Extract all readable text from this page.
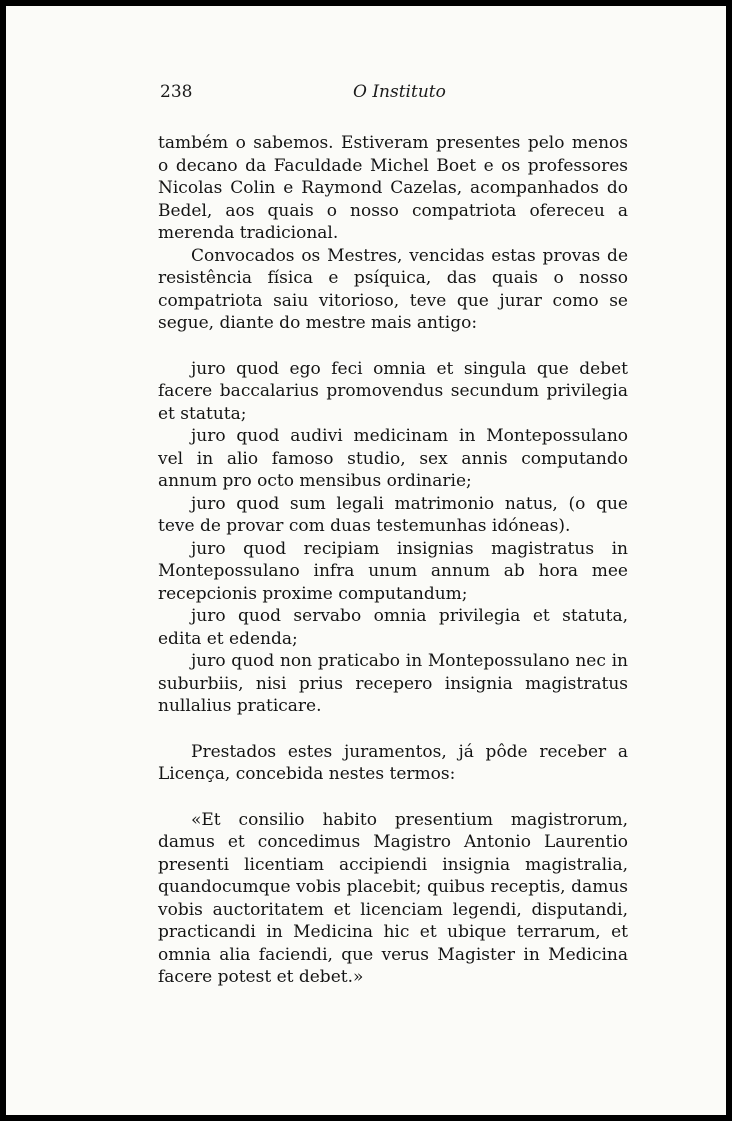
238	O Instituto

também o sabemos. Estiveram presentes pelo menos o decano da Faculdade Michel Boet e os professores Nicolas Colin e Raymond Cazelas, acompanhados do Bedel, aos quais o nosso compatriota ofereceu a merenda tradicional.

Convocados os Mestres, vencidas estas provas de resistência física e psíquica, das quais o nosso compatriota saiu vitorioso, teve que jurar como se segue, diante do mestre mais antigo:

juro quod ego feci omnia et singula que debet facere baccalarius promovendus secundum privilegia et statuta;

juro quod audivi medicinam in Montepossulano vel in alio famoso studio, sex annis computando annum pro octo mensibus ordinarie;

juro quod sum legali matrimonio natus, (o que teve de provar com duas testemunhas idóneas).

juro quod recipiam insignias magistratus in Montepossulano infra unum annum ab hora mee recepcionis proxime computandum;

juro quod servabo omnia privilegia et statuta, edita et edenda;

juro quod non praticabo in Montepossulano nec in suburbiis, nisi prius recepero insignia magistratus nullalius praticare.

Prestados estes juramentos, já pôde receber a Licença, concebida nestes termos:

«Et consilio habito presentium magistrorum, damus et concedimus Magistro Antonio Laurentio presenti licentiam accipiendi insignia magistralia, quandocumque vobis placebit; quibus receptis, damus vobis auctoritatem et licenciam legendi, disputandi, practicandi in Medicina hic et ubique terrarum, et omnia alia faciendi, que verus Magister in Medicina facere potest et debet.»
